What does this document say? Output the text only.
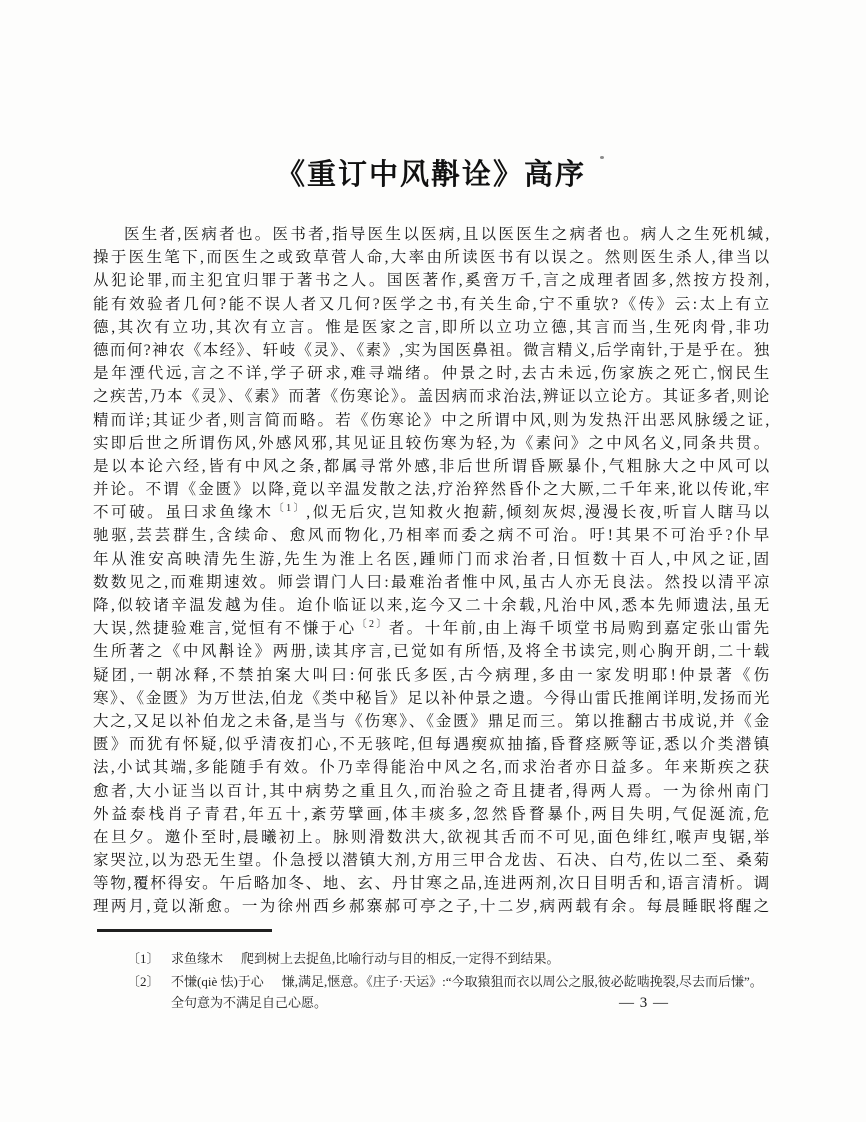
《重订中风斠诠》高序
医生者,医病者也。医书者,指导医生以医病,且以医医生之病者也。病人之生死机缄,
操于医生笔下,而医生之或致草菅人命,大率由所读医书有以误之。然则医生杀人,律当以
从犯论罪,而主犯宜归罪于著书之人。国医著作,奚啻万千,言之成理者固多,然按方投剂,
能有效验者几何?能不误人者又几何?医学之书,有关生命,宁不重欤?《传》云:太上有立
德,其次有立功,其次有立言。惟是医家之言,即所以立功立德,其言而当,生死肉骨,非功
德而何?神农《本经》、轩岐《灵》、《素》,实为国医鼻祖。微言精义,后学南针,于是乎在。独
是年湮代远,言之不详,学子研求,难寻端绪。仲景之时,去古未远,伤家族之死亡,悯民生
之疾苦,乃本《灵》、《素》而著《伤寒论》。盖因病而求治法,辨证以立论方。其证多者,则论
精而详;其证少者,则言简而略。若《伤寒论》中之所谓中风,则为发热汗出恶风脉缓之证,
实即后世之所谓伤风,外感风邪,其见证且较伤寒为轻,为《素问》之中风名义,同条共贯。
是以本论六经,皆有中风之条,都属寻常外感,非后世所谓昏厥暴仆,气粗脉大之中风可以
并论。不谓《金匮》以降,竟以辛温发散之法,疗治猝然昏仆之大厥,二千年来,讹以传讹,牢
不可破。虽曰求鱼缘木$^{〔1〕}$,似无后灾,岂知救火抱薪,倾刻灰烬,漫漫长夜,听盲人瞎马以
驰驱,芸芸群生,含续命、愈风而物化,乃相率而委之病不可治。吁!其果不可治乎?仆早
年从淮安高映清先生游,先生为淮上名医,踵师门而求治者,日恒数十百人,中风之证,固
数数见之,而难期速效。师尝谓门人曰:最难治者惟中风,虽古人亦无良法。然投以清平凉
降,似较诸辛温发越为佳。迨仆临证以来,迄今又二十余载,凡治中风,悉本先师遗法,虽无
大误,然捷验难言,觉恒有不慊于心$^{〔2〕}$者。十年前,由上海千顷堂书局购到嘉定张山雷先
生所著之《中风斠诠》两册,读其序言,已觉如有所悟,及将全书读完,则心胸开朗,二十载
疑团,一朝冰释,不禁拍案大叫曰:何张氏多医,古今病理,多由一家发明耶!仲景著《伤
寒》、《金匮》为万世法,伯龙《类中秘旨》足以补仲景之遗。今得山雷氏推阐详明,发扬而光
大之,又足以补伯龙之未备,是当与《伤寒》、《金匮》鼎足而三。第以推翻古书成说,并《金
匮》而犹有怀疑,似乎清夜扪心,不无骇咤,但每遇瘈疭抽搐,昏瞀痉厥等证,悉以介类潜镇
法,小试其端,多能随手有效。仆乃幸得能治中风之名,而求治者亦日益多。年来斯疾之获
愈者,大小证当以百计,其中病势之重且久,而治验之奇且捷者,得两人焉。一为徐州南门
外益泰栈肖子青君,年五十,紊劳擘画,体丰痰多,忽然昏瞀暴仆,两目失明,气促涎流,危
在旦夕。邀仆至时,晨曦初上。脉则滑数洪大,欲视其舌而不可见,面色绯红,喉声曳锯,举
家哭泣,以为恐无生望。仆急授以潜镇大剂,方用三甲合龙齿、石决、白芍,佐以二至、桑菊
等物,覆杯得安。午后略加冬、地、玄、丹甘寒之品,连进两剂,次日目明舌和,语言清析。调
理两月,竟以渐愈。一为徐州西乡郝寨郝可亭之子,十二岁,病两载有余。每晨睡眠将醒之
〔1〕 求鱼缘木 爬到树上去捉鱼,比喻行动与目的相反,一定得不到结果。
〔2〕 不慊(qiè 怯)于心 慊,满足,惬意。《庄子·天运》:“今取猿狙而衣以周公之服,彼必龁啮挽裂,尽去而后慊”。全句意为不满足自己心愿。	— 3 —
